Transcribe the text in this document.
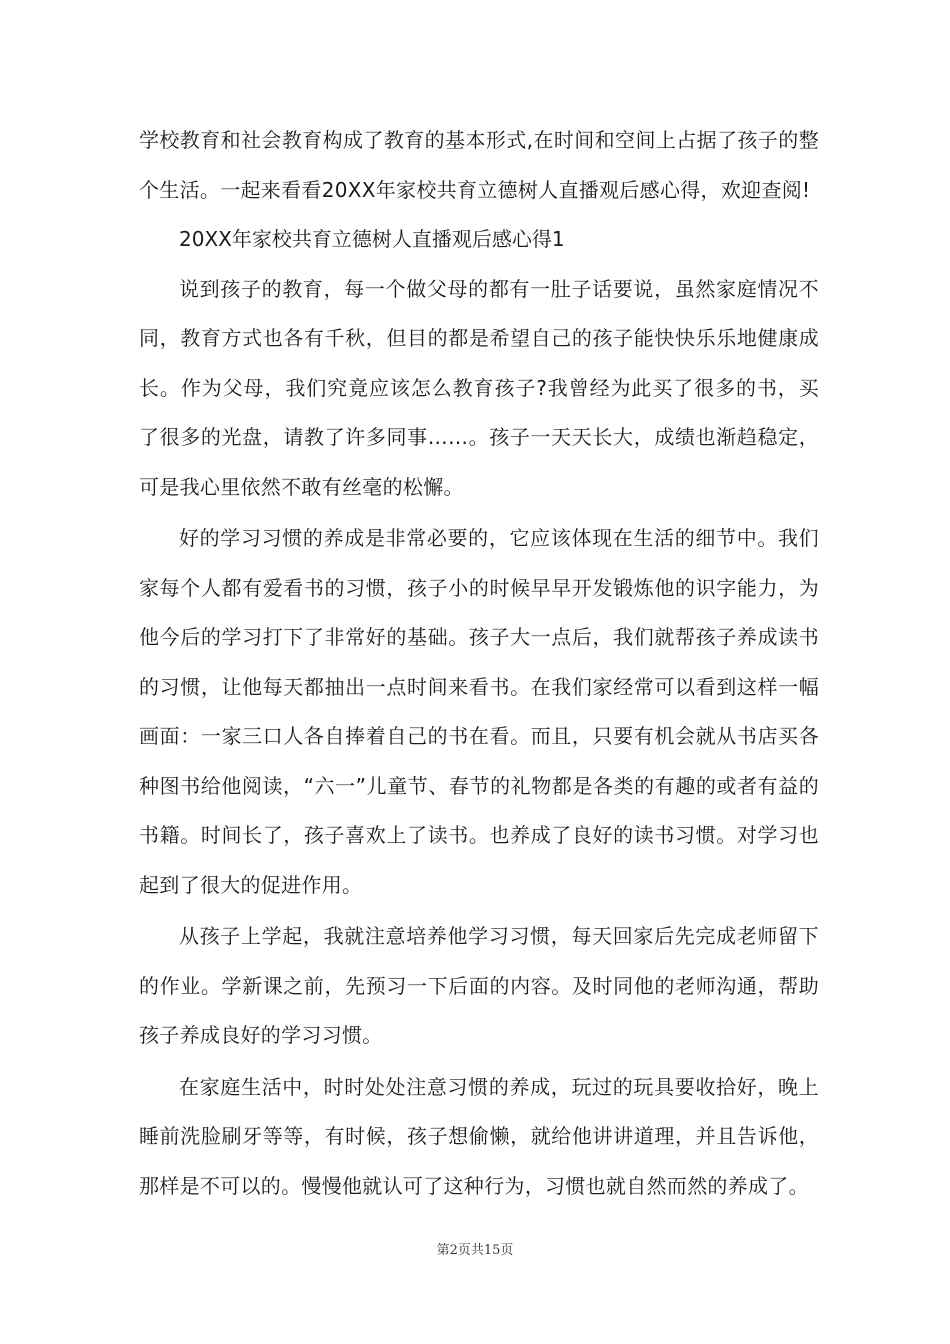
学校教育和社会教育构成了教育的基本形式,在时间和空间上占据了孩子的整个生活。一起来看看20XX年家校共育立德树人直播观后感心得，欢迎查阅!

20XX年家校共育立德树人直播观后感心得1

说到孩子的教育，每一个做父母的都有一肚子话要说，虽然家庭情况不同，教育方式也各有千秋，但目的都是希望自己的孩子能快快乐乐地健康成长。作为父母，我们究竟应该怎么教育孩子?我曾经为此买了很多的书，买了很多的光盘，请教了许多同事……。孩子一天天长大，成绩也渐趋稳定，可是我心里依然不敢有丝毫的松懈。

好的学习习惯的养成是非常必要的，它应该体现在生活的细节中。我们家每个人都有爱看书的习惯，孩子小的时候早早开发锻炼他的识字能力，为他今后的学习打下了非常好的基础。孩子大一点后，我们就帮孩子养成读书的习惯，让他每天都抽出一点时间来看书。在我们家经常可以看到这样一幅画面：一家三口人各自捧着自己的书在看。而且，只要有机会就从书店买各种图书给他阅读，“六一”儿童节、春节的礼物都是各类的有趣的或者有益的书籍。时间长了，孩子喜欢上了读书。也养成了良好的读书习惯。对学习也起到了很大的促进作用。

从孩子上学起，我就注意培养他学习习惯，每天回家后先完成老师留下的作业。学新课之前，先预习一下后面的内容。及时同他的老师沟通，帮助孩子养成良好的学习习惯。

在家庭生活中，时时处处注意习惯的养成，玩过的玩具要收拾好，晚上睡前洗脸刷牙等等，有时候，孩子想偷懒，就给他讲讲道理，并且告诉他，那样是不可以的。慢慢他就认可了这种行为，习惯也就自然而然的养成了。

第2页共15页
